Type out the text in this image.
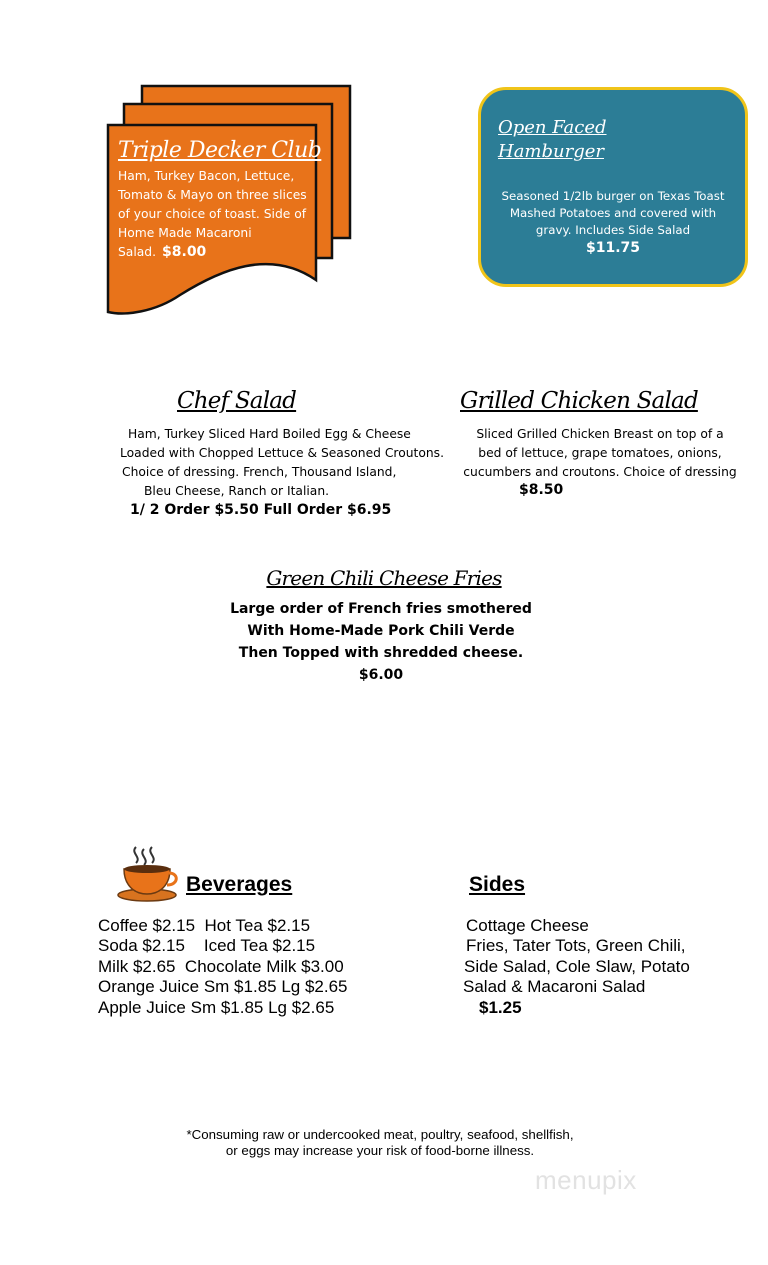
Triple Decker Club
Ham, Turkey Bacon, Lettuce, Tomato & Mayo on three slices of your choice of toast. Side of Home Made Macaroni Salad. $8.00
Open Faced
Hamburger
Seasoned 1/2lb burger on Texas Toast
Mashed Potatoes and covered with
gravy. Includes Side Salad
$11.75
Chef Salad
Ham, Turkey Sliced Hard Boiled Egg & Cheese
Loaded with Chopped Lettuce & Seasoned Croutons.
Choice of dressing. French, Thousand Island,
Bleu Cheese, Ranch or Italian.
1/ 2 Order $5.50 Full Order $6.95
Grilled Chicken Salad
Sliced Grilled Chicken Breast on top of a
bed of lettuce, grape tomatoes, onions,
cucumbers and croutons. Choice of dressing
$8.50
Green Chili Cheese Fries
Large order of French fries smothered
With Home-Made Pork Chili Verde
Then Topped with shredded cheese.
$6.00
Beverages
Coffee $2.15  Hot Tea $2.15
Soda $2.15    Iced Tea $2.15
Milk $2.65  Chocolate Milk $3.00
Orange Juice Sm $1.85 Lg $2.65
Apple Juice Sm $1.85 Lg $2.65
Sides
Cottage Cheese
Fries, Tater Tots, Green Chili,
Side Salad, Cole Slaw, Potato
Salad & Macaroni Salad
$1.25
*Consuming raw or undercooked meat, poultry, seafood, shellfish,
or eggs may increase your risk of food-borne illness.
menupix
